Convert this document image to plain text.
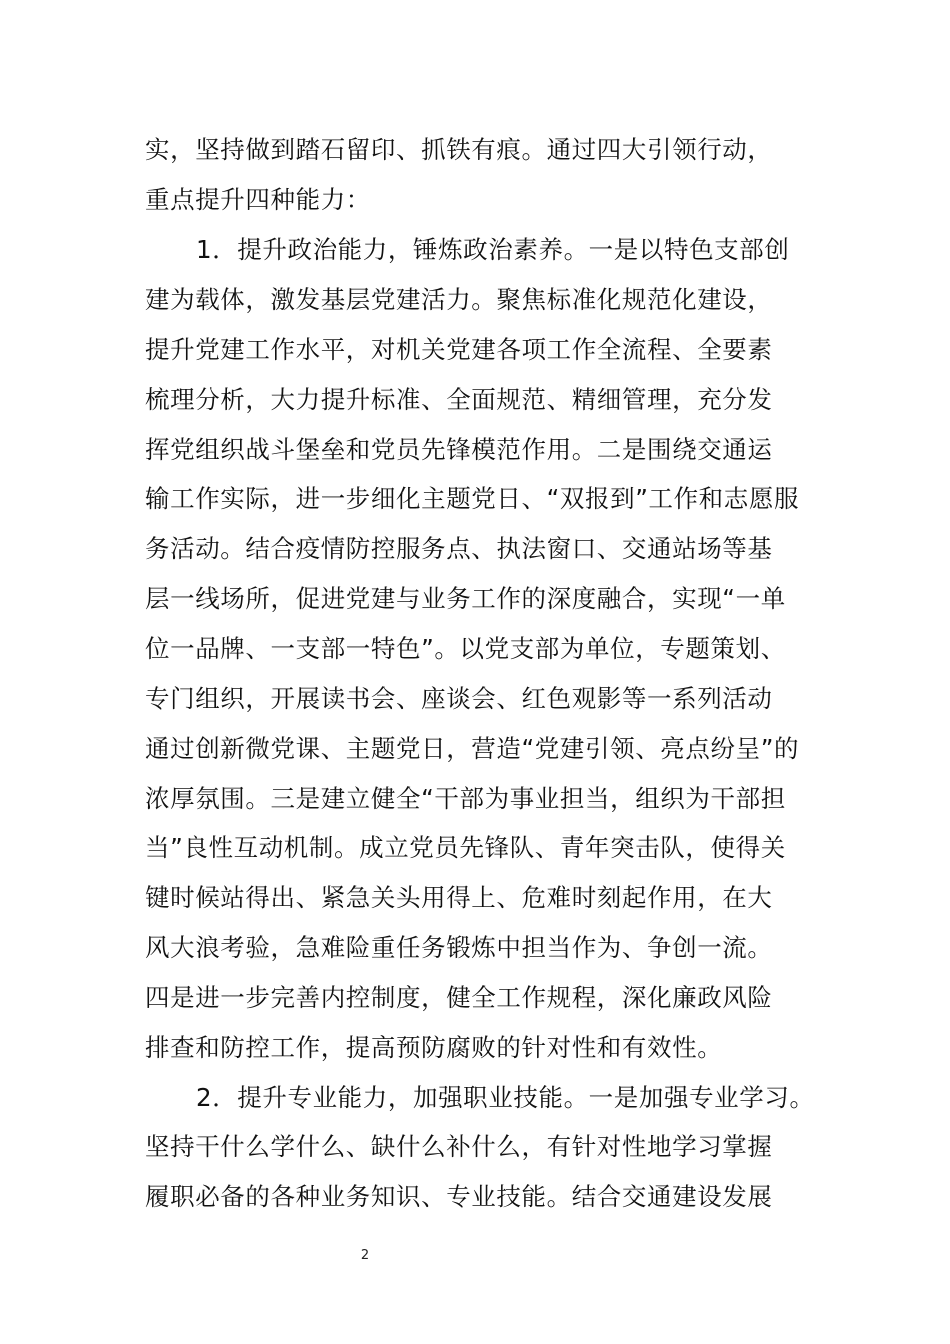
实，坚持做到踏石留印、抓铁有痕。通过四大引领行动，

重点提升四种能力：

1．提升政治能力，锤炼政治素养。一是以特色支部创

建为载体，激发基层党建活力。聚焦标准化规范化建设，

提升党建工作水平，对机关党建各项工作全流程、全要素

梳理分析，大力提升标准、全面规范、精细管理，充分发

挥党组织战斗堡垒和党员先锋模范作用。二是围绕交通运

输工作实际，进一步细化主题党日、“双报到”工作和志愿服

务活动。结合疫情防控服务点、执法窗口、交通站场等基

层一线场所，促进党建与业务工作的深度融合，实现“一单

位一品牌、一支部一特色”。以党支部为单位，专题策划、

专门组织，开展读书会、座谈会、红色观影等一系列活动

通过创新微党课、主题党日，营造“党建引领、亮点纷呈”的

浓厚氛围。三是建立健全“干部为事业担当，组织为干部担

当”良性互动机制。成立党员先锋队、青年突击队，使得关

键时候站得出、紧急关头用得上、危难时刻起作用，在大

风大浪考验，急难险重任务锻炼中担当作为、争创一流。

四是进一步完善内控制度，健全工作规程，深化廉政风险

排查和防控工作，提高预防腐败的针对性和有效性。

2．提升专业能力，加强职业技能。一是加强专业学习。

坚持干什么学什么、缺什么补什么，有针对性地学习掌握

履职必备的各种业务知识、专业技能。结合交通建设发展

2
